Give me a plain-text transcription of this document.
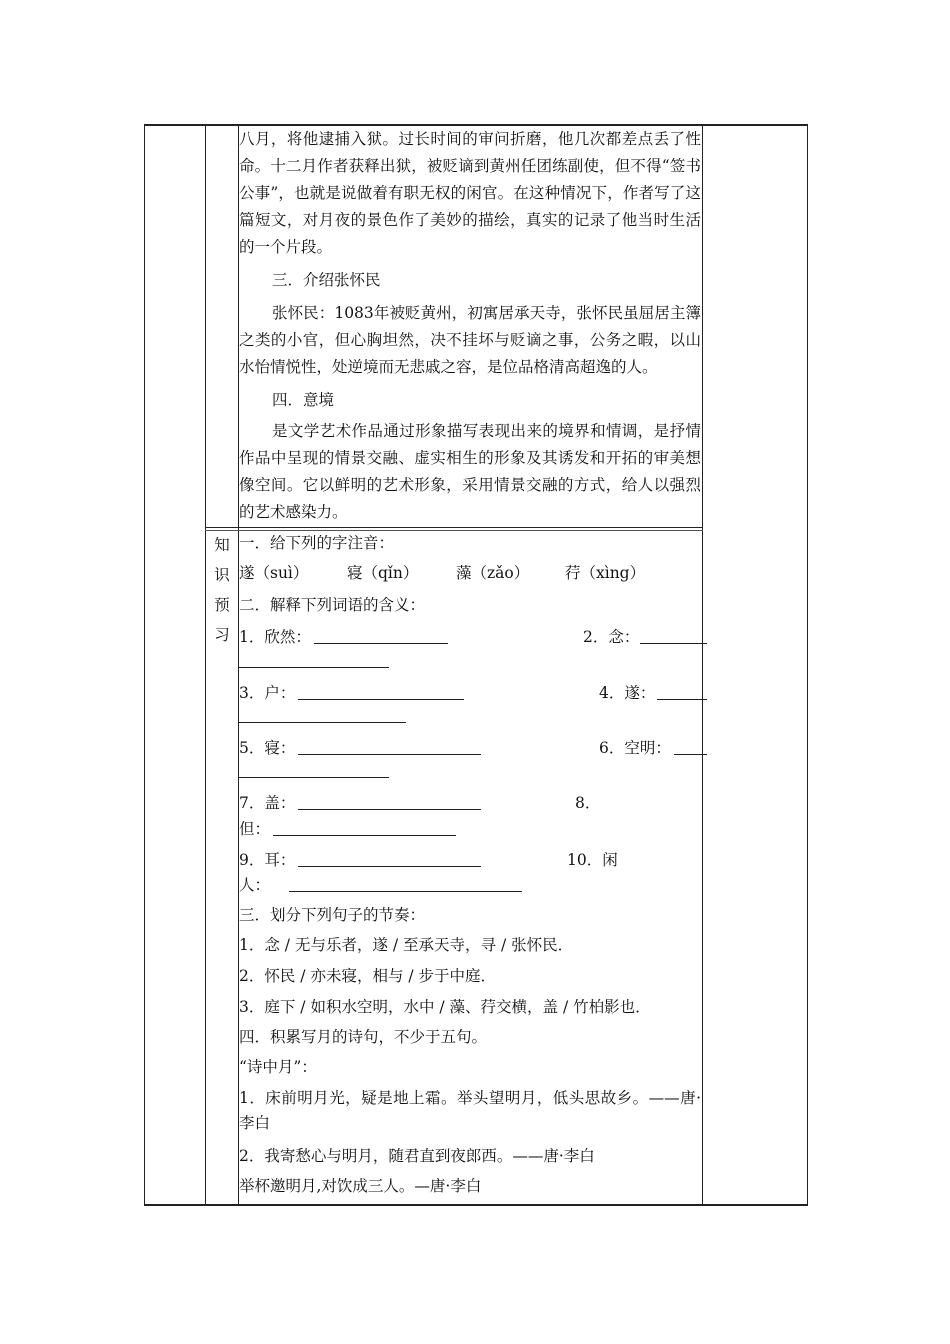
八月，将他逮捕入狱。过长时间的审问折磨，他几次都差点丢了性命。十二月作者获释出狱，被贬谪到黄州任团练副使，但不得“签书公事”，也就是说做着有职无权的闲官。在这种情况下，作者写了这篇短文，对月夜的景色作了美妙的描绘，真实的记录了他当时生活的一个片段。

三．介绍张怀民

张怀民：1083年被贬黄州，初寓居承天寺，张怀民虽屈居主簿之类的小官，但心胸坦然，决不挂坏与贬谪之事，公务之暇，以山水怡情悦性，处逆境而无悲戚之容，是位品格清高超逸的人。

四．意境

是文学艺术作品通过形象描写表现出来的境界和情调，是抒情作品中呈现的情景交融、虚实相生的形象及其诱发和开拓的审美想像空间。它以鲜明的艺术形象，采用情景交融的方式，给人以强烈的艺术感染力。

知
识
预
习
一．给下列的字注音：
遂（suì） 寝（qǐn） 藻（zǎo） 荇（xìng）
二．解释下列词语的含义：
1．欣然：	2．念：
3．户：	4．遂：
5．寝：	6．空明：
7．盖：	8．
但：
9．耳：	10．闲
人：
三．划分下列句子的节奏：
1．念 / 无与乐者，遂 / 至承天寺，寻 / 张怀民．
2．怀民 / 亦未寝，相与 / 步于中庭．
3．庭下 / 如积水空明，水中 / 藻、荇交横，盖 / 竹柏影也．
四．积累写月的诗句，不少于五句。
“诗中月”：

1．床前明月光，疑是地上霜。举头望明月，低头思故乡。——唐·李白

2．我寄愁心与明月，随君直到夜郎西。——唐·李白
举杯邀明月,对饮成三人。—唐·李白
